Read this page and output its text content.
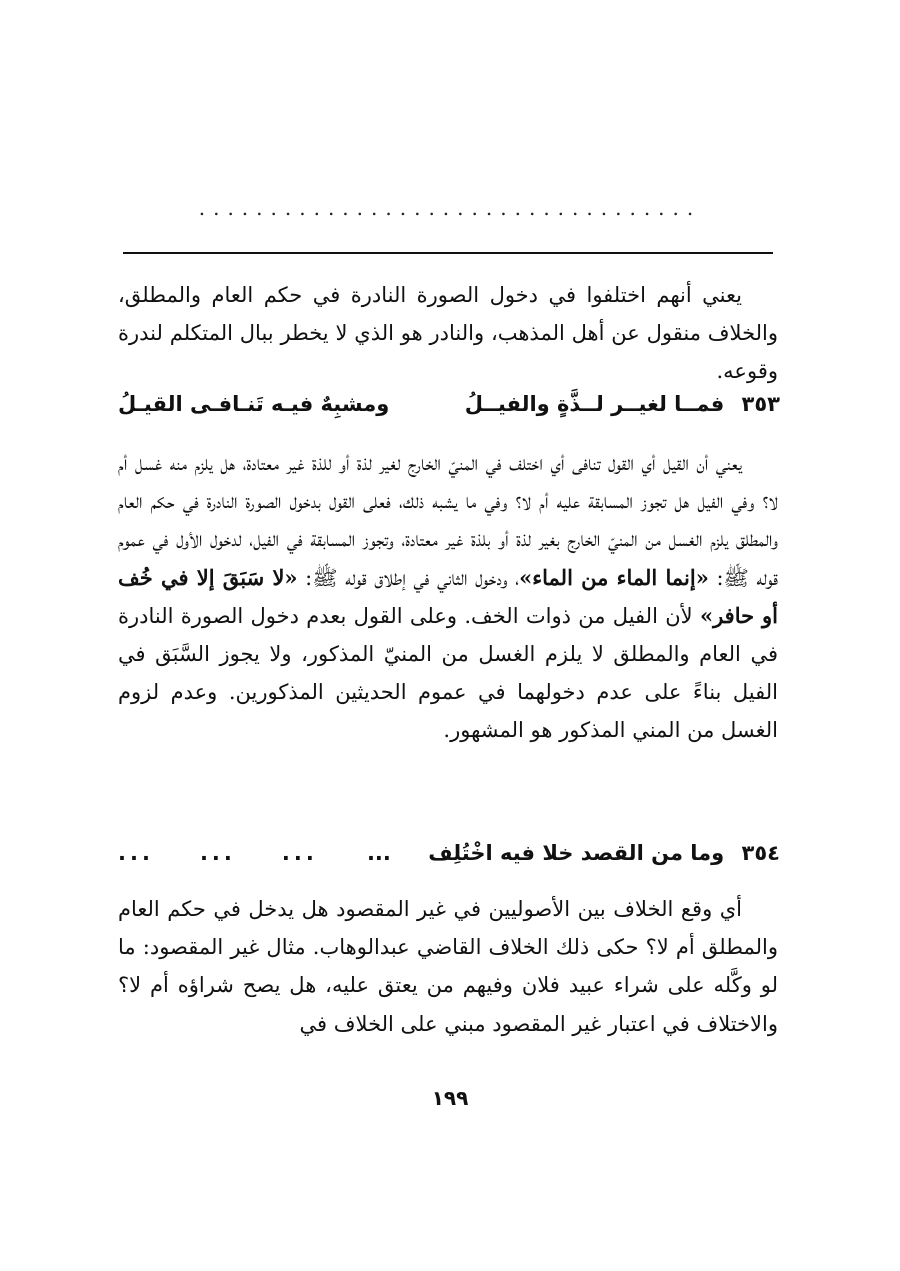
...................................

يعني أنهم اختلفوا في دخول الصورة النادرة في حكم العام والمطلق، والخلاف منقول عن أهل المذهب، والنادر هو الذي لا يخطر ببال المتكلم لندرة وقوعه.

٣٥٣ فمــا لغيــر لــذَّةٍ والفيــلُ
ومشبِهٌ فيـه تَنـافـى القيـلُ

يعني أن القيل أي القول تنافى أي اختلف في المنيّ الخارج لغير لذة أو للذة غير معتادة، هل يلزم منه غسل أم لا؟ وفي الفيل هل تجوز المسابقة عليه أم لا؟ وفي ما يشبه ذلك، فعلى القول بدخول الصورة النادرة في حكم العام والمطلق يلزم الغسل من المنيّ الخارج بغير لذة أو بلذة غير معتادة، وتجوز المسابقة في الفيل، لدخول الأول في عموم قوله ﷺ: «إنما الماء من الماء»، ودخول الثاني في إطلاق قوله ﷺ: «لا سَبَقَ إلا في خُف أو حافر» لأن الفيل من ذوات الخف. وعلى القول بعدم دخول الصورة النادرة في العام والمطلق لا يلزم الغسل من المنيّ المذكور، ولا يجوز السَّبَق في الفيل بناءً على عدم دخولهما في عموم الحديثين المذكورين. وعدم لزوم الغسل من المني المذكور هو المشهور.

٣٥٤ وما من القصد خلا فيه اخْتُلِف ...
...
...
...

أي وقع الخلاف بين الأصوليين في غير المقصود هل يدخل في حكم العام والمطلق أم لا؟ حكى ذلك الخلاف القاضي عبدالوهاب. مثال غير المقصود: ما لو وكَّله على شراء عبيد فلان وفيهم من يعتق عليه، هل يصح شراؤه أم لا؟ والاختلاف في اعتبار غير المقصود مبني على الخلاف في

١٩٩
